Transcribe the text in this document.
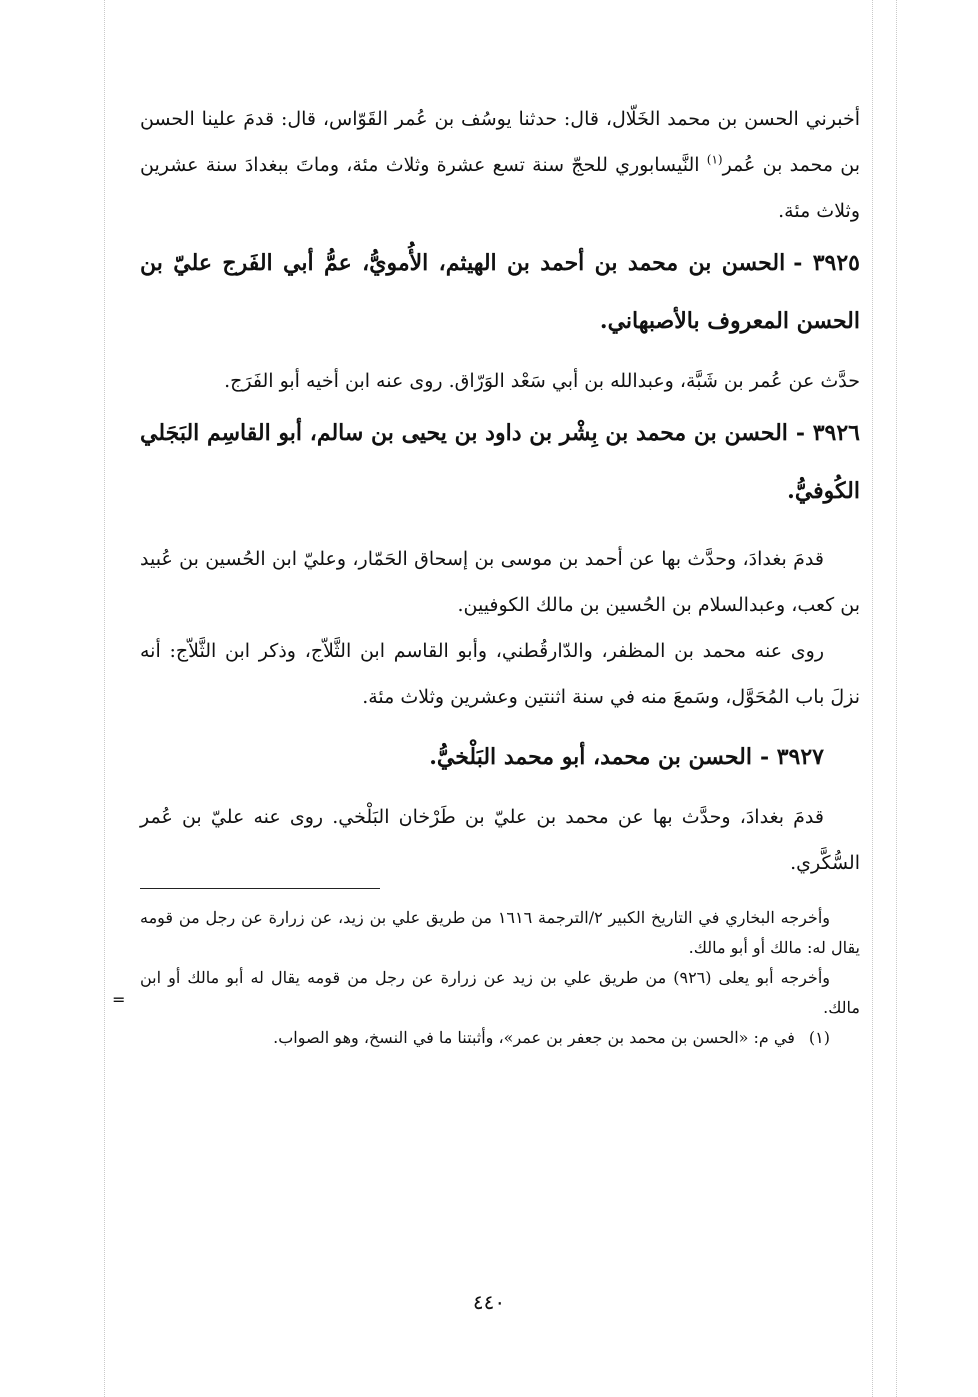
أخبرني الحسن بن محمد الخَلّال، قال: حدثنا يوسُف بن عُمر القَوّاس، قال: قدمَ علينا الحسن بن محمد بن عُمر$^{(١)}$ النَّيسابوري للحجّ سنة تسع عشرة وثلاث مئة، وماتَ ببغدادَ سنة عشرين وثلاث مئة.

٣٩٢٥ -الحسن بن محمد بن أحمد بن الهيثم، الأُمويُّ، عمُّ أبي الفَرج عليّ بن الحسن المعروف بالأصبهاني.

حدَّث عن عُمر بن شَبَّة، وعبدالله بن أبي سَعْد الوَرّاق. روى عنه ابن أخيه أبو الفَرَج.

٣٩٢٦ -الحسن بن محمد بن بِشْر بن داود بن يحيى بن سالم، أبو القاسِم البَجَلي الكُوفيُّ.

قدمَ بغدادَ، وحدَّث بها عن أحمد بن موسى بن إسحاق الحَمّار، وعليّ ابن الحُسين بن عُبيد بن كعب، وعبدالسلام بن الحُسين بن مالك الكوفيين.

روى عنه محمد بن المظفر، والدّارقُطني، وأبو القاسم ابن الثَّلاّج، وذكر ابن الثَّلاّج: أنه نزلَ باب المُحَوَّل، وسَمعَ منه في سنة اثنتين وعشرين وثلاث مئة.

٣٩٢٧ -الحسن بن محمد، أبو محمد البَلْخيُّ.

قدمَ بغدادَ، وحدَّث بها عن محمد بن عليّ بن طَرْخان البَلْخي. روى عنه عليّ بن عُمر السُّكَّري.

وأخرجه البخاري في التاريخ الكبير ٢/الترجمة ١٦١٦ من طريق علي بن زيد، عن زرارة عن رجل من قومه يقال له: مالك أو أبو مالك.

وأخرجه أبو يعلى (٩٢٦) من طريق علي بن زيد عن زرارة عن رجل من قومه يقال له أبو مالك أو ابن مالك.

(١)في م: «الحسن بن محمد بن جعفر بن عمر»، وأثبتنا ما في النسخ، وهو الصواب.

=
٤٤٠
